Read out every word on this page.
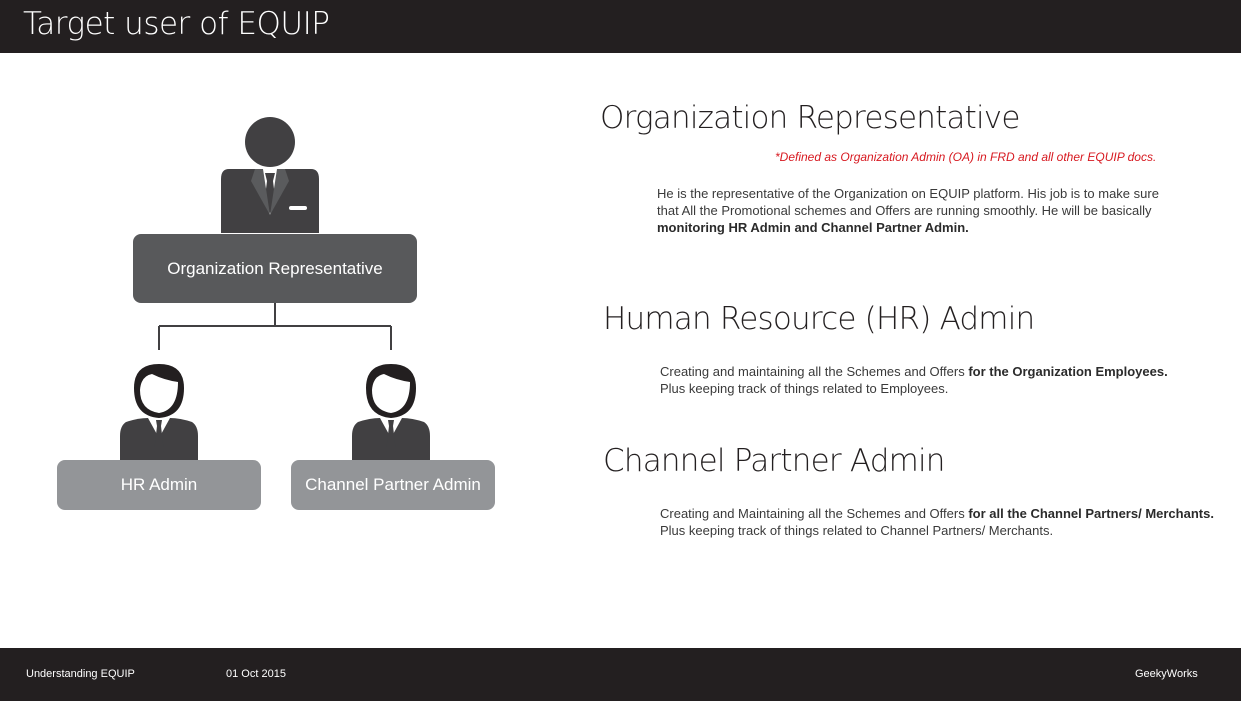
Target user of EQUIP
Organization Representative
HR Admin	Channel Partner Admin
Organization Representative
*Defined as Organization Admin (OA) in FRD and all other EQUIP docs.
He is the representative of the Organization on EQUIP platform. His job is to make sure that All the Promotional schemes and Offers are running smoothly. He will be basically monitoring HR Admin and Channel Partner Admin.
Human Resource (HR) Admin
Creating and maintaining all the Schemes and Offers for the Organization Employees.
Plus keeping track of things related to Employees.
Channel Partner Admin
Creating and Maintaining all the Schemes and Offers for all the Channel Partners/ Merchants.
Plus keeping track of things related to Channel Partners/ Merchants.
Understanding EQUIP	01 Oct 2015	GeekyWorks
